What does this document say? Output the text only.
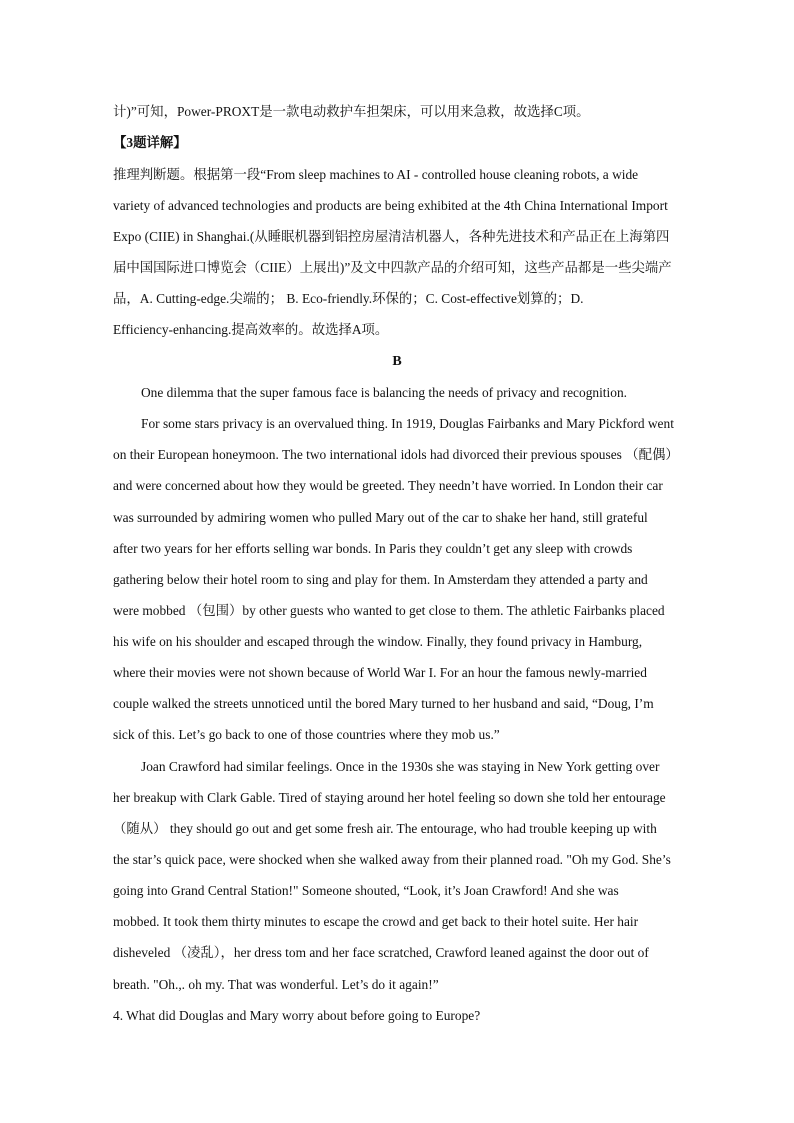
计)”可知，Power-PROXT是一款电动救护车担架床，可以用来急救，故选择C项。
【3题详解】
推理判断题。根据第一段“From sleep machines to AI - controlled house cleaning robots, a wide
variety of advanced technologies and products are being exhibited at the 4th China International Import
Expo (CIIE) in Shanghai.(从睡眠机器到铝控房屋清洁机器人，各种先进技术和产品正在上海第四
届中国国际进口博览会（CIIE）上展出)”及文中四款产品的介绍可知，这些产品都是一些尖端产
品，A. Cutting-edge.尖端的； B. Eco-friendly.环保的；C. Cost-effective划算的；D.
Efficiency-enhancing.提高效率的。故选择A项。
B
One dilemma that the super famous face is balancing the needs of privacy and recognition.
For some stars privacy is an overvalued thing. In 1919, Douglas Fairbanks and Mary Pickford went
on their European honeymoon. The two international idols had divorced their previous spouses （配偶）
and were concerned about how they would be greeted. They needn’t have worried. In London their car
was surrounded by admiring women who pulled Mary out of the car to shake her hand, still grateful
after two years for her efforts selling war bonds. In Paris they couldn’t get any sleep with crowds
gathering below their hotel room to sing and play for them. In Amsterdam they attended a party and
were mobbed （包围）by other guests who wanted to get close to them. The athletic Fairbanks placed
his wife on his shoulder and escaped through the window. Finally, they found privacy in Hamburg,
where their movies were not shown because of World War I. For an hour the famous newly-married
couple walked the streets unnoticed until the bored Mary turned to her husband and said, “Doug, I’m
sick of this. Let’s go back to one of those countries where they mob us.”
Joan Crawford had similar feelings. Once in the 1930s she was staying in New York getting over
her breakup with Clark Gable. Tired of staying around her hotel feeling so down she told her entourage
（随从） they should go out and get some fresh air. The entourage, who had trouble keeping up with
the star’s quick pace, were shocked when she walked away from their planned road. "Oh my God. She’s
going into Grand Central Station!" Someone shouted, “Look, it’s Joan Crawford! And she was
mobbed. It took them thirty minutes to escape the crowd and get back to their hotel suite. Her hair
disheveled （凌乱），her dress tom and her face scratched, Crawford leaned against the door out of
breath. "Oh.,. oh my. That was wonderful. Let’s do it again!”
4. What did Douglas and Mary worry about before going to Europe?
